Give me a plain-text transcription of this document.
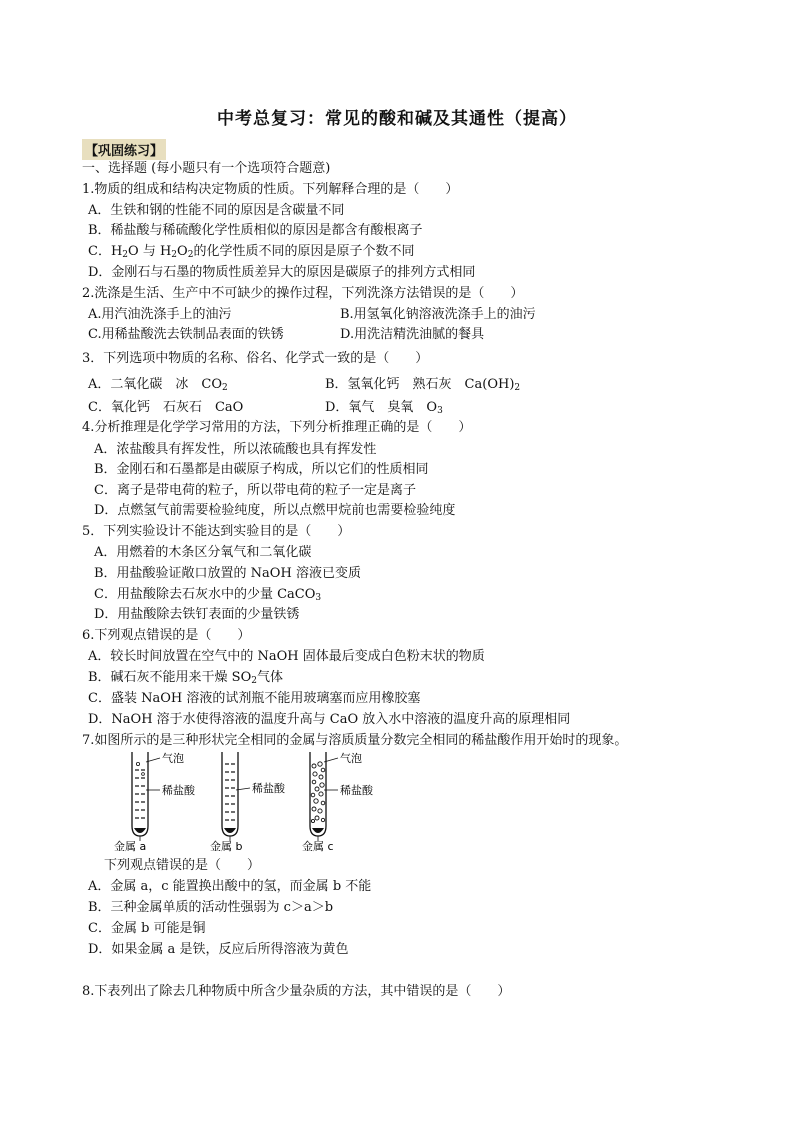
中考总复习：常见的酸和碱及其通性（提高）
【巩固练习】
一、选择题 (每小题只有一个选项符合题意)
1.物质的组成和结构决定物质的性质。下列解释合理的是（　　）
A．生铁和钢的性能不同的原因是含碳量不同
B．稀盐酸与稀硫酸化学性质相似的原因是都含有酸根离子
C．$H_2O$ 与 $H_2O_2$的化学性质不同的原因是原子个数不同
D．金刚石与石墨的物质性质差异大的原因是碳原子的排列方式相同
2.洗涤是生活、生产中不可缺少的操作过程，下列洗涤方法错误的是（　　）
A.用汽油洗涤手上的油污	B.用氢氧化钠溶液洗涤手上的油污
C.用稀盐酸洗去铁制品表面的铁锈	D.用洗洁精洗油腻的餐具
3．下列选项中物质的名称、俗名、化学式一致的是（　　）
A．二氧化碳　冰　$CO_2$	B．氢氧化钙　熟石灰　$Ca(OH)_2$
C．氧化钙　石灰石　CaO	D．氧气　臭氧　$O_3$
4.分析推理是化学学习常用的方法，下列分析推理正确的是（　　）
A．浓盐酸具有挥发性，所以浓硫酸也具有挥发性
B．金刚石和石墨都是由碳原子构成，所以它们的性质相同
C．离子是带电荷的粒子，所以带电荷的粒子一定是离子
D．点燃氢气前需要检验纯度，所以点燃甲烷前也需要检验纯度
5．下列实验设计不能达到实验目的是（　　）
A．用燃着的木条区分氧气和二氧化碳
B．用盐酸验证敞口放置的 NaOH 溶液已变质
C．用盐酸除去石灰水中的少量 CaCO$_3$
D．用盐酸除去铁钉表面的少量铁锈
6.下列观点错误的是（　　）
A．较长时间放置在空气中的 NaOH 固体最后变成白色粉末状的物质
B．碱石灰不能用来干燥 $SO_2$气体
C．盛装 NaOH 溶液的试剂瓶不能用玻璃塞而应用橡胶塞
D．NaOH 溶于水使得溶液的温度升高与 CaO 放入水中溶液的温度升高的原理相同
7.如图所示的是三种形状完全相同的金属与溶质质量分数完全相同的稀盐酸作用开始时的现象。
气泡
稀盐酸
金属 a
稀盐酸
金属 b
气泡
稀盐酸
金属 c
下列观点错误的是（　　）
A．金属 a，c 能置换出酸中的氢，而金属 b 不能
B．三种金属单质的活动性强弱为 c＞a＞b
C．金属 b 可能是铜
D．如果金属 a 是铁，反应后所得溶液为黄色
8.下表列出了除去几种物质中所含少量杂质的方法，其中错误的是（　　）
